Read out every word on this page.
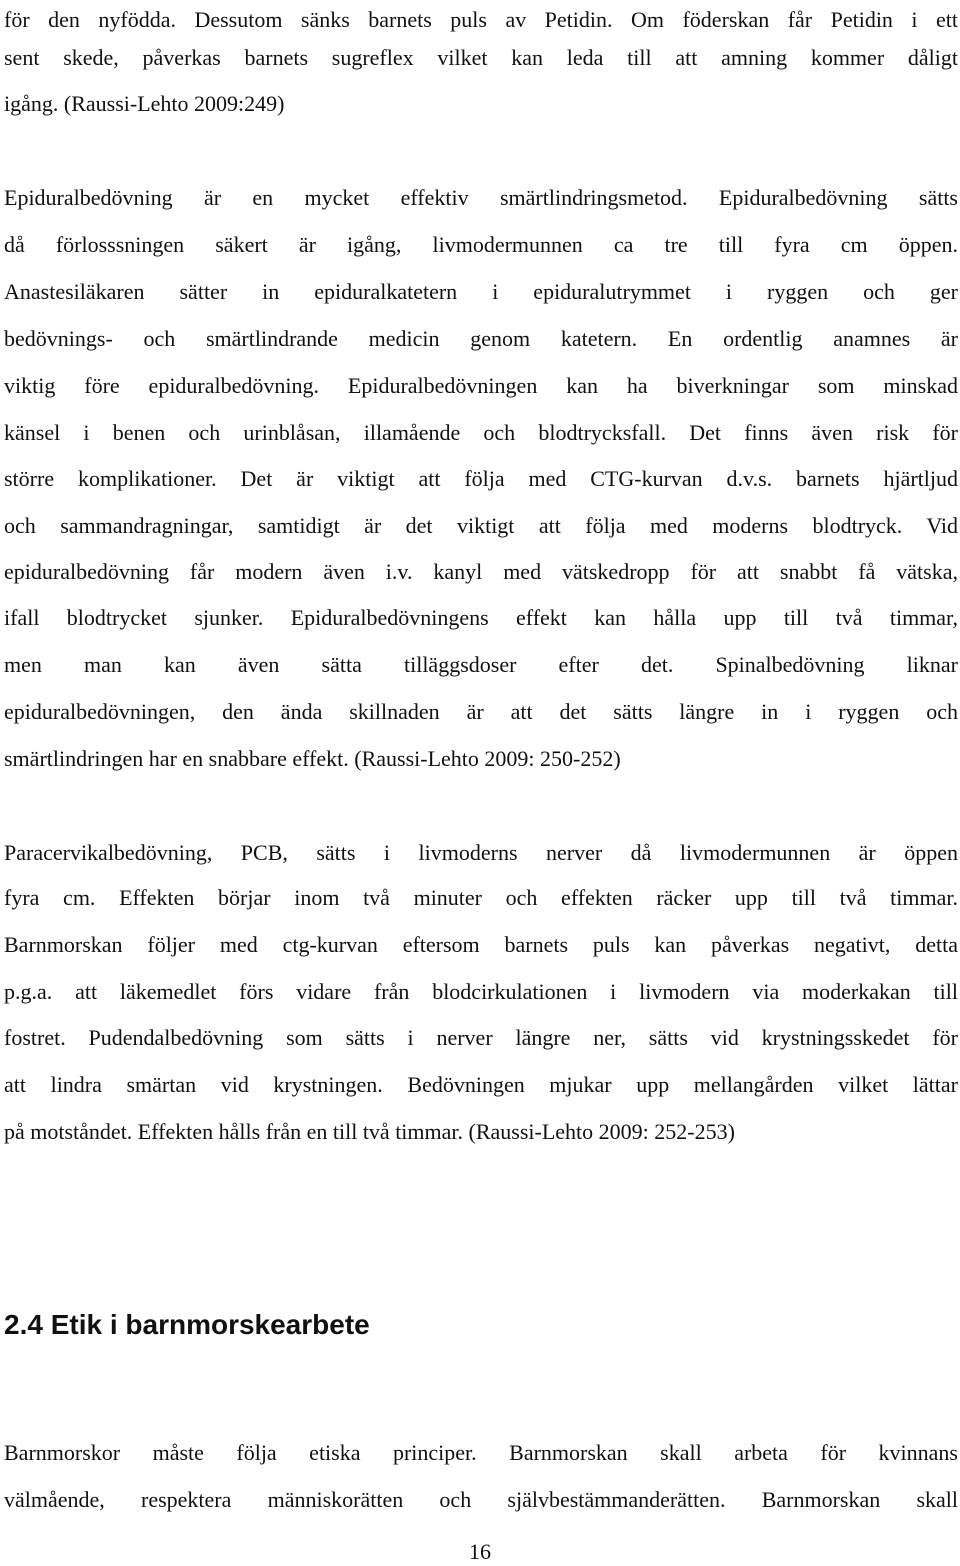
för den nyfödda. Dessutom sänks barnets puls av Petidin. Om föderskan får Petidin i ett
sent skede, påverkas barnets sugreflex vilket kan leda till att amning kommer dåligt
igång. (Raussi-Lehto 2009:249)
Epiduralbedövning är en mycket effektiv smärtlindringsmetod. Epiduralbedövning sätts
då förlosssningen säkert är igång, livmodermunnen ca tre till fyra cm öppen.
Anastesiläkaren sätter in epiduralkatetern i epiduralutrymmet i ryggen och ger
bedövnings- och smärtlindrande medicin genom katetern. En ordentlig anamnes är
viktig före epiduralbedövning. Epiduralbedövningen kan ha biverkningar som minskad
känsel i benen och urinblåsan, illamående och blodtrycksfall. Det finns även risk för
större komplikationer. Det är viktigt att följa med CTG-kurvan d.v.s. barnets hjärtljud
och sammandragningar, samtidigt är det viktigt att följa med moderns blodtryck. Vid
epiduralbedövning får modern även i.v. kanyl med vätskedropp för att snabbt få vätska,
ifall blodtrycket sjunker. Epiduralbedövningens effekt kan hålla upp till två timmar,
men man kan även sätta tilläggsdoser efter det. Spinalbedövning liknar
epiduralbedövningen, den ända skillnaden är att det sätts längre in i ryggen och
smärtlindringen har en snabbare effekt. (Raussi-Lehto 2009: 250-252)
Paracervikalbedövning, PCB, sätts i livmoderns nerver då livmodermunnen är öppen
fyra cm. Effekten börjar inom två minuter och effekten räcker upp till två timmar.
Barnmorskan följer med ctg-kurvan eftersom barnets puls kan påverkas negativt, detta
p.g.a. att läkemedlet förs vidare från blodcirkulationen i livmodern via moderkakan till
fostret. Pudendalbedövning som sätts i nerver längre ner, sätts vid krystningsskedet för
att lindra smärtan vid krystningen. Bedövningen mjukar upp mellangården vilket lättar
på motståndet. Effekten hålls från en till två timmar. (Raussi-Lehto 2009: 252-253)
2.4 Etik i barnmorskearbete
Barnmorskor måste följa etiska principer. Barnmorskan skall arbeta för kvinnans
välmående, respektera människorätten och självbestämmanderätten. Barnmorskan skall
16
